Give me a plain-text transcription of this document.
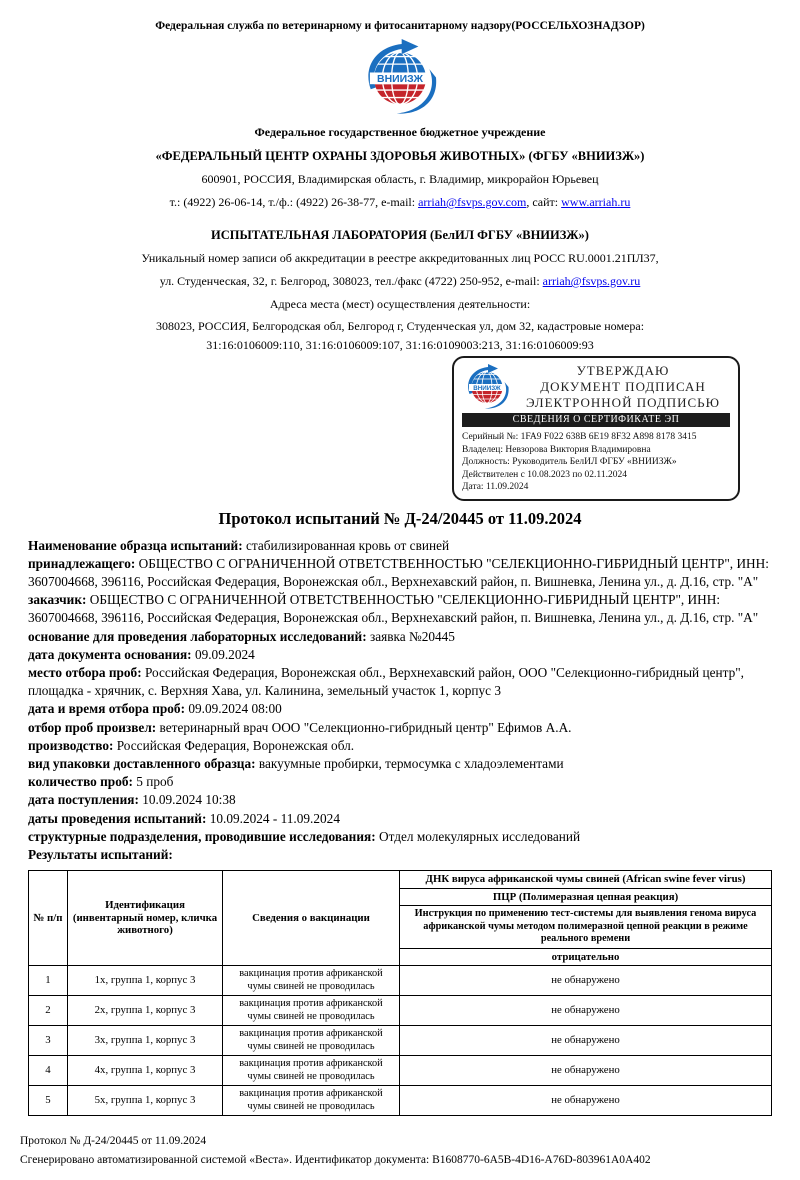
Федеральная служба по ветеринарному и фитосанитарному надзору(РОССЕЛЬХОЗНАДЗОР)
Федеральное государственное бюджетное учреждение
«ФЕДЕРАЛЬНЫЙ ЦЕНТР ОХРАНЫ ЗДОРОВЬЯ ЖИВОТНЫХ» (ФГБУ «ВНИИЗЖ»)
600901, РОССИЯ, Владимирская область, г. Владимир, микрорайон Юрьевец
т.: (4922) 26-06-14, т./ф.: (4922) 26-38-77, e-mail: arriah@fsvps.gov.com, сайт: www.arriah.ru
ИСПЫТАТЕЛЬНАЯ ЛАБОРАТОРИЯ (БелИЛ ФГБУ «ВНИИЗЖ»)
Уникальный номер записи об аккредитации в реестре аккредитованных лиц РОСС RU.0001.21ПЛ37,
ул. Студенческая, 32, г. Белгород, 308023, тел./факс (4722) 250-952, e-mail: arriah@fsvps.gov.ru
Адреса места (мест) осуществления деятельности:
308023, РОССИЯ, Белгородская обл, Белгород г, Студенческая ул, дом 32, кадастровые номера:
31:16:0106009:110, 31:16:0106009:107, 31:16:0109003:213, 31:16:0106009:93
УТВЕРЖДАЮ
ДОКУМЕНТ ПОДПИСАН
ЭЛЕКТРОННОЙ ПОДПИСЬЮ
СВЕДЕНИЯ О СЕРТИФИКАТЕ ЭП
Серийный №: 1FA9 F022 638B 6E19 8F32 A898 8178 3415
Владелец: Невзорова Виктория Владимировна
Должность: Руководитель БелИЛ ФГБУ «ВНИИЗЖ»
Действителен с 10.08.2023 по 02.11.2024
Дата: 11.09.2024
Протокол испытаний № Д-24/20445 от 11.09.2024
Наименование образца испытаний: стабилизированная кровь от свиней
принадлежащего: ОБЩЕСТВО С ОГРАНИЧЕННОЙ ОТВЕТСТВЕННОСТЬЮ "СЕЛЕКЦИОННО-ГИБРИДНЫЙ ЦЕНТР", ИНН: 3607004668, 396116, Российская Федерация, Воронежская обл., Верхнехавский район, п. Вишневка, Ленина ул., д. Д.16, стр. "А"
заказчик: ОБЩЕСТВО С ОГРАНИЧЕННОЙ ОТВЕТСТВЕННОСТЬЮ "СЕЛЕКЦИОННО-ГИБРИДНЫЙ ЦЕНТР", ИНН: 3607004668, 396116, Российская Федерация, Воронежская обл., Верхнехавский район, п. Вишневка, Ленина ул., д. Д.16, стр. "А"
основание для проведения лабораторных исследований: заявка №20445
дата документа основания: 09.09.2024
место отбора проб: Российская Федерация, Воронежская обл., Верхнехавский район, ООО "Селекционно-гибридный центр", площадка - хрячник, с. Верхняя Хава, ул. Калинина, земельный участок 1, корпус 3
дата и время отбора проб: 09.09.2024 08:00
отбор проб произвел: ветеринарный врач ООО "Селекционно-гибридный центр" Ефимов А.А.
производство: Российская Федерация, Воронежская обл.
вид упаковки доставленного образца: вакуумные пробирки, термосумка с хладоэлементами
количество проб: 5 проб
дата поступления: 10.09.2024 10:38
даты проведения испытаний: 10.09.2024 - 11.09.2024
структурные подразделения, проводившие исследования: Отдел молекулярных исследований
Результаты испытаний:
№ п/п	Идентификация (инвентарный номер, кличка животного)	Сведения о вакцинации	ДНК вируса африканской чумы свиней (African swine fever virus)
			ПЦР (Полимеразная цепная реакция)
			Инструкция по применению тест-системы для выявления генома вируса африканской чумы методом полимеразной цепной реакции в режиме реального времени
			отрицательно
1	1х, группа 1, корпус 3	вакцинация против африканской чумы свиней не проводилась	не обнаружено
2	2х, группа 1, корпус 3	вакцинация против африканской чумы свиней не проводилась	не обнаружено
3	3х, группа 1, корпус 3	вакцинация против африканской чумы свиней не проводилась	не обнаружено
4	4х, группа 1, корпус 3	вакцинация против африканской чумы свиней не проводилась	не обнаружено
5	5х, группа 1, корпус 3	вакцинация против африканской чумы свиней не проводилась	не обнаружено
Протокол № Д-24/20445 от 11.09.2024
Сгенерировано автоматизированной системой «Веста». Идентификатор документа: B1608770-6A5B-4D16-A76D-803961A0A402
